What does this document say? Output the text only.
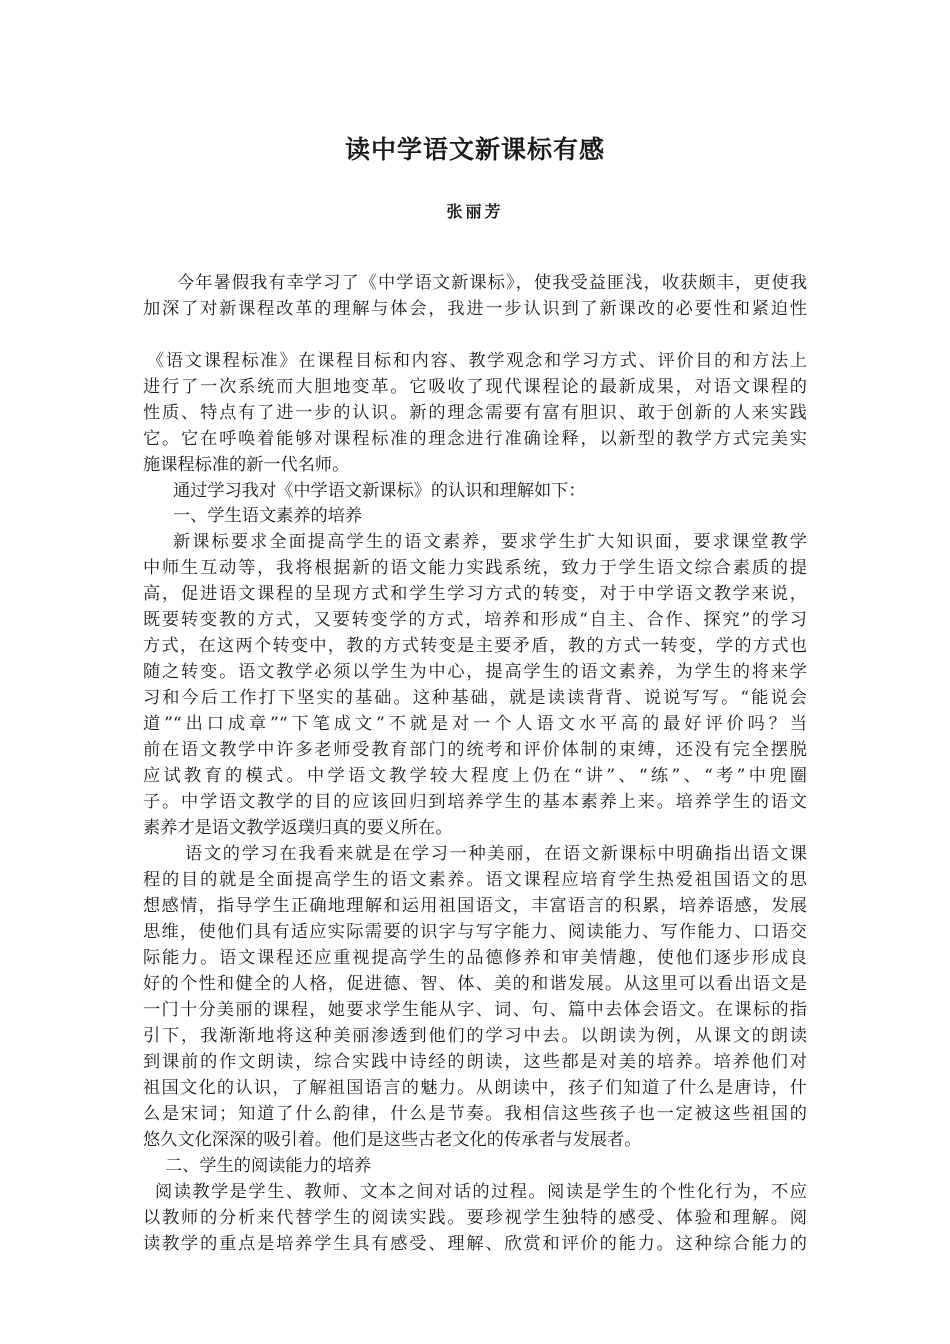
读中学语文新课标有感
张丽芳
今年暑假我有幸学习了《中学语文新课标》，使我受益匪浅，收获颇丰，更使我
加深了对新课程改革的理解与体会，我进一步认识到了新课改的必要性和紧迫性
《语文课程标准》在课程目标和内容、教学观念和学习方式、评价目的和方法上
进行了一次系统而大胆地变革。它吸收了现代课程论的最新成果，对语文课程的
性质、特点有了进一步的认识。新的理念需要有富有胆识、敢于创新的人来实践
它。它在呼唤着能够对课程标准的理念进行准确诠释，以新型的教学方式完美实
施课程标准的新一代名师。
通过学习我对《中学语文新课标》的认识和理解如下：
一、学生语文素养的培养
新课标要求全面提高学生的语文素养，要求学生扩大知识面，要求课堂教学
中师生互动等，我将根据新的语文能力实践系统，致力于学生语文综合素质的提
高，促进语文课程的呈现方式和学生学习方式的转变，对于中学语文教学来说，
既要转变教的方式，又要转变学的方式，培养和形成“自主、合作、探究”的学习
方式，在这两个转变中，教的方式转变是主要矛盾，教的方式一转变，学的方式也
随之转变。语文教学必须以学生为中心，提高学生的语文素养，为学生的将来学
习和今后工作打下坚实的基础。这种基础，就是读读背背、说说写写。“能说会
道”“出口成章”“下笔成文”不就是对一个人语文水平高的最好评价吗？当
前在语文教学中许多老师受教育部门的统考和评价体制的束缚，还没有完全摆脱
应试教育的模式。中学语文教学较大程度上仍在“讲”、“练”、“考”中兜圈
子。中学语文教学的目的应该回归到培养学生的基本素养上来。培养学生的语文
素养才是语文教学返璞归真的要义所在。
语文的学习在我看来就是在学习一种美丽，在语文新课标中明确指出语文课
程的目的就是全面提高学生的语文素养。语文课程应培育学生热爱祖国语文的思
想感情，指导学生正确地理解和运用祖国语文，丰富语言的积累，培养语感，发展
思维，使他们具有适应实际需要的识字与写字能力、阅读能力、写作能力、口语交
际能力。语文课程还应重视提高学生的品德修养和审美情趣，使他们逐步形成良
好的个性和健全的人格，促进德、智、体、美的和谐发展。从这里可以看出语文是
一门十分美丽的课程，她要求学生能从字、词、句、篇中去体会语文。在课标的指
引下，我渐渐地将这种美丽渗透到他们的学习中去。以朗读为例，从课文的朗读
到课前的作文朗读，综合实践中诗经的朗读，这些都是对美的培养。培养他们对
祖国文化的认识，了解祖国语言的魅力。从朗读中，孩子们知道了什么是唐诗，什
么是宋词；知道了什么韵律，什么是节奏。我相信这些孩子也一定被这些祖国的
悠久文化深深的吸引着。他们是这些古老文化的传承者与发展者。
二、学生的阅读能力的培养
阅读教学是学生、教师、文本之间对话的过程。阅读是学生的个性化行为，不应
以教师的分析来代替学生的阅读实践。要珍视学生独特的感受、体验和理解。阅
读教学的重点是培养学生具有感受、理解、欣赏和评价的能力。这种综合能力的
